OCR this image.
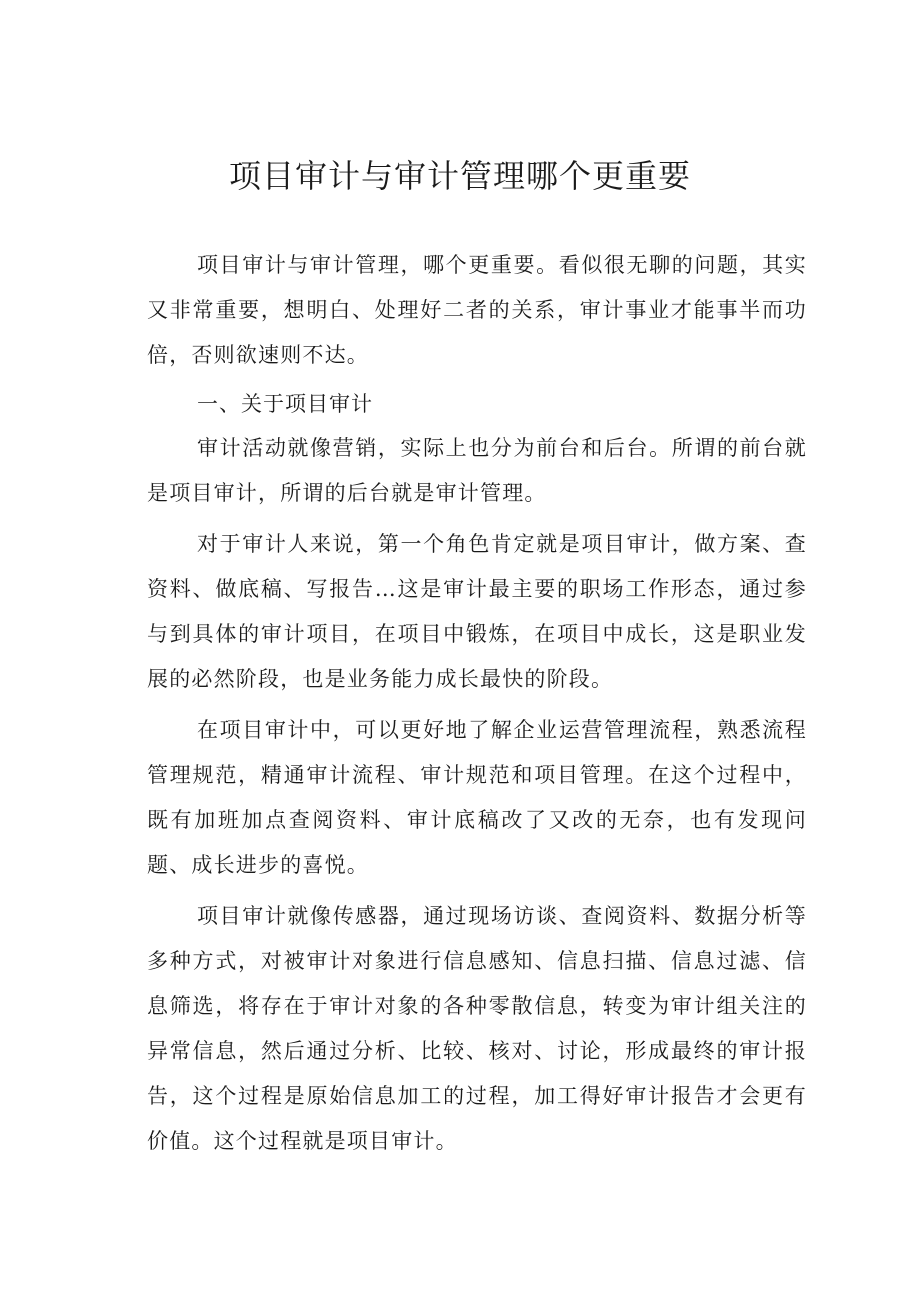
项目审计与审计管理哪个更重要

项目审计与审计管理，哪个更重要。看似很无聊的问题，其实又非常重要，想明白、处理好二者的关系，审计事业才能事半而功倍，否则欲速则不达。

一、关于项目审计

审计活动就像营销，实际上也分为前台和后台。所谓的前台就是项目审计，所谓的后台就是审计管理。

对于审计人来说，第一个角色肯定就是项目审计，做方案、查资料、做底稿、写报告…这是审计最主要的职场工作形态，通过参与到具体的审计项目，在项目中锻炼，在项目中成长，这是职业发展的必然阶段，也是业务能力成长最快的阶段。

在项目审计中，可以更好地了解企业运营管理流程，熟悉流程管理规范，精通审计流程、审计规范和项目管理。在这个过程中，既有加班加点查阅资料、审计底稿改了又改的无奈，也有发现问题、成长进步的喜悦。

项目审计就像传感器，通过现场访谈、查阅资料、数据分析等多种方式，对被审计对象进行信息感知、信息扫描、信息过滤、信息筛选，将存在于审计对象的各种零散信息，转变为审计组关注的异常信息，然后通过分析、比较、核对、讨论，形成最终的审计报告，这个过程是原始信息加工的过程，加工得好审计报告才会更有价值。这个过程就是项目审计。
